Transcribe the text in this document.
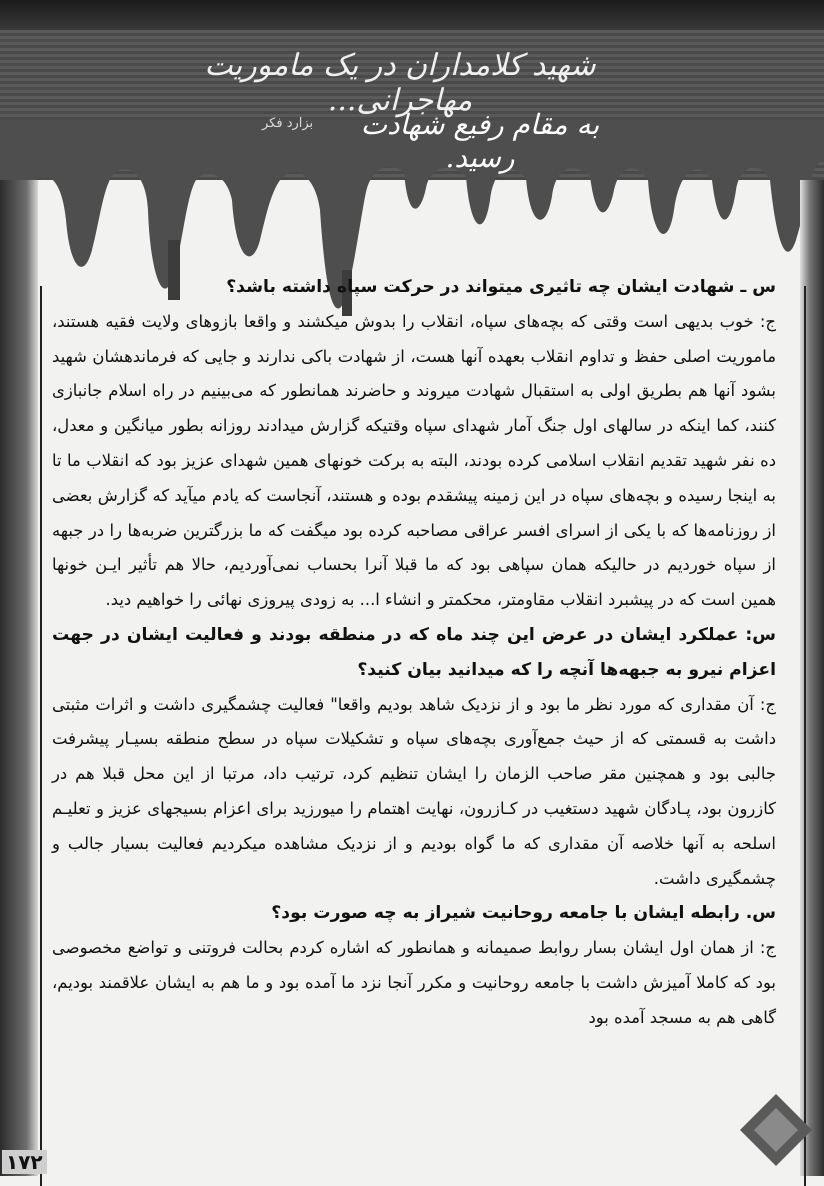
شهید کلامداران در یک ماموریت مهاجرانی...
به مقام رفیع شهادت رسید.
بزارد فکر

س ـ شهادت ایشان چه تاثیری میتواند در حرکت سپاه داشته باشد؟

ج: خوب بدیهی است وقتی که بچه‌های سپاه، انقلاب را بدوش میکشند و واقعا بازوهای ولایت فقیه هستند، ماموریت اصلی حفظ و تداوم انقلاب بعهده آنها هست، از شهادت باکی ندارند و جایی که فرماندهشان شهید بشود آنها هم بطریق اولی به استقبال شهادت میروند و حاضرند همانطور که می‌بینیم در راه اسلام جانبازی کنند، کما اینکه در سالهای اول جنگ آمار شهدای سپاه وقتیکه گزارش میدادند روزانه بطور میانگین و معدل، ده نفر شهید تقدیم انقلاب اسلامی کرده بودند، البته به برکت خونهای همین شهدای عزیز بود که انقلاب ما تا به اینجا رسیده و بچه‌های سپاه در این زمینه پیشقدم بوده و هستند، آنجاست که یادم میآید که گزارش بعضی از روزنامه‌ها که با یکی از اسرای افسر عراقی مصاحبه کرده بود میگفت که ما بزرگترین ضربه‌ها را در جبهه از سپاه خوردیم در حالیکه همان سپاهی بود که ما قبلا آنرا بحساب نمی‌آوردیم، حالا هم تأثیر ایـن خونها همین است که در پیشبرد انقلاب مقاومتر، محکمتر و انشاء ا... به زودی پیروزی نهائی را خواهیم دید.

س: عملکرد ایشان در عرض این چند ماه که در منطقه بودند و فعالیت ایشان در جهت اعزام نیرو به جبهه‌ها آنچه را که میدانید بیان کنید؟

ج: آن مقداری که مورد نظر ما بود و از نزدیک شاهد بودیم واقعا" فعالیت چشمگیری داشت و اثرات مثبتی داشت به قسمتی که از حیث جمع‌آوری بچه‌های سپاه و تشکیلات سپاه در سطح منطقه بسیـار پیشرفت جالبی بود و همچنین مقر صاحب الزمان را ایشان تنظیم کرد، ترتیب داد، مرتبا از این محل قبلا هم در کازرون بود، پـادگان شهید دستغیب در کـازرون، نهایت اهتمام را میورزید برای اعزام بسیجهای عزیز و تعلیـم اسلحه به آنها خلاصه آن مقداری که ما گواه بودیم و از نزدیک مشاهده میکردیم فعالیت بسیار جالب و چشمگیری داشت.

س. رابطه ایشان با جامعه روحانیت شیراز به چه صورت بود؟

ج: از همان اول ایشان بسار روابط صمیمانه و همانطور که اشاره کردم بحالت فروتنی و تواضع مخصوصی بود که کاملا آمیزش داشت با جامعه روحانیت و مکرر آنجا نزد ما آمده بود و ما هم به ایشان علاقمند بودیم، گاهی هم به مسجد آمده بود

۱۷۲
